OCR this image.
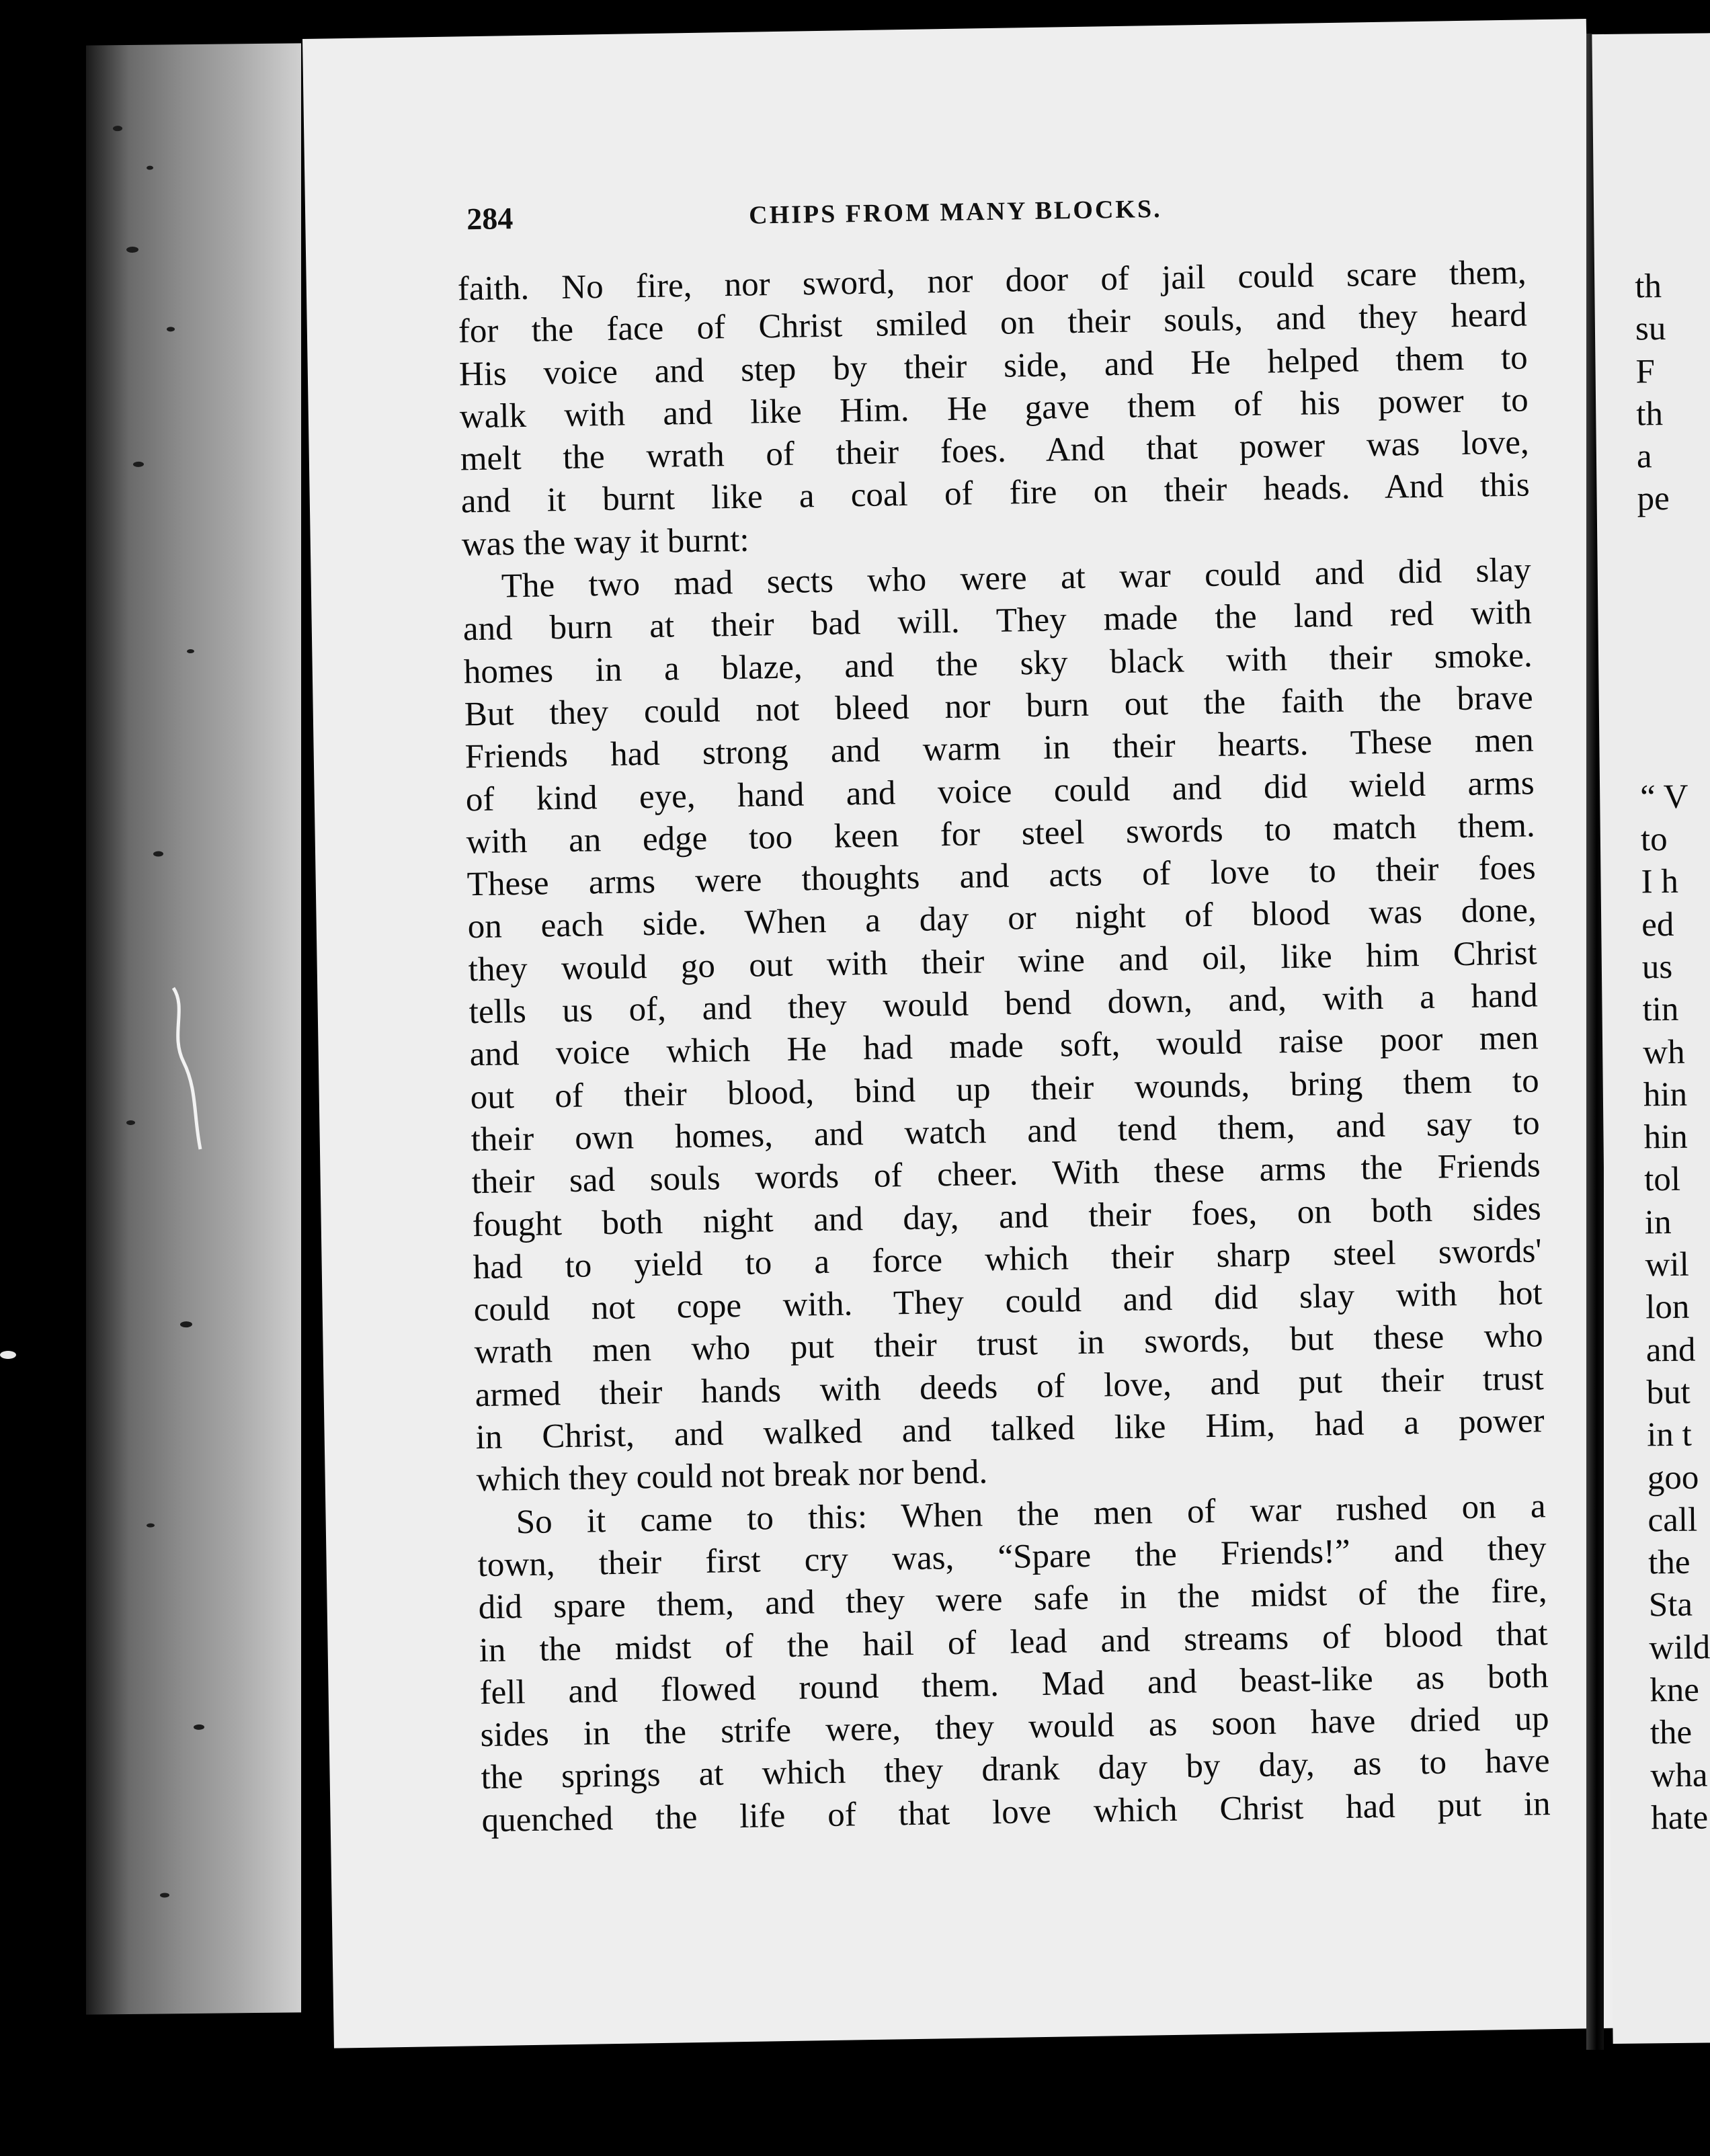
284	CHIPS FROM MANY BLOCKS.
faith. No fire, nor sword, nor door of jail could scare them,
for the face of Christ smiled on their souls, and they heard
His voice and step by their side, and He helped them to
walk with and like Him. He gave them of his power to
melt the wrath of their foes. And that power was love,
and it burnt like a coal of fire on their heads. And this
was the way it burnt:
The two mad sects who were at war could and did slay
and burn at their bad will. They made the land red with
homes in a blaze, and the sky black with their smoke.
But they could not bleed nor burn out the faith the brave
Friends had strong and warm in their hearts. These men
of kind eye, hand and voice could and did wield arms
with an edge too keen for steel swords to match them.
These arms were thoughts and acts of love to their foes
on each side. When a day or night of blood was done,
they would go out with their wine and oil, like him Christ
tells us of, and they would bend down, and, with a hand
and voice which He had made soft, would raise poor men
out of their blood, bind up their wounds, bring them to
their own homes, and watch and tend them, and say to
their sad souls words of cheer. With these arms the Friends
fought both night and day, and their foes, on both sides
had to yield to a force which their sharp steel swords'
could not cope with. They could and did slay with hot
wrath men who put their trust in swords, but these who
armed their hands with deeds of love, and put their trust
in Christ, and walked and talked like Him, had a power
which they could not break nor bend.
So it came to this: When the men of war rushed on a
town, their first cry was, “Spare the Friends!” and they
did spare them, and they were safe in the midst of the fire,
in the midst of the hail of lead and streams of blood that
fell and flowed round them. Mad and beast-like as both
sides in the strife were, they would as soon have dried up
the springs at which they drank day by day, as to have
quenched the life of that love which Christ had put in
th
su
F
th
a
pe
“ V
to
I h
ed
us
tin
wh
hin
hin
tol
in
wil
lon
and
but
in t
goo
call
the
Sta
wild
kne
the
wha
hate
